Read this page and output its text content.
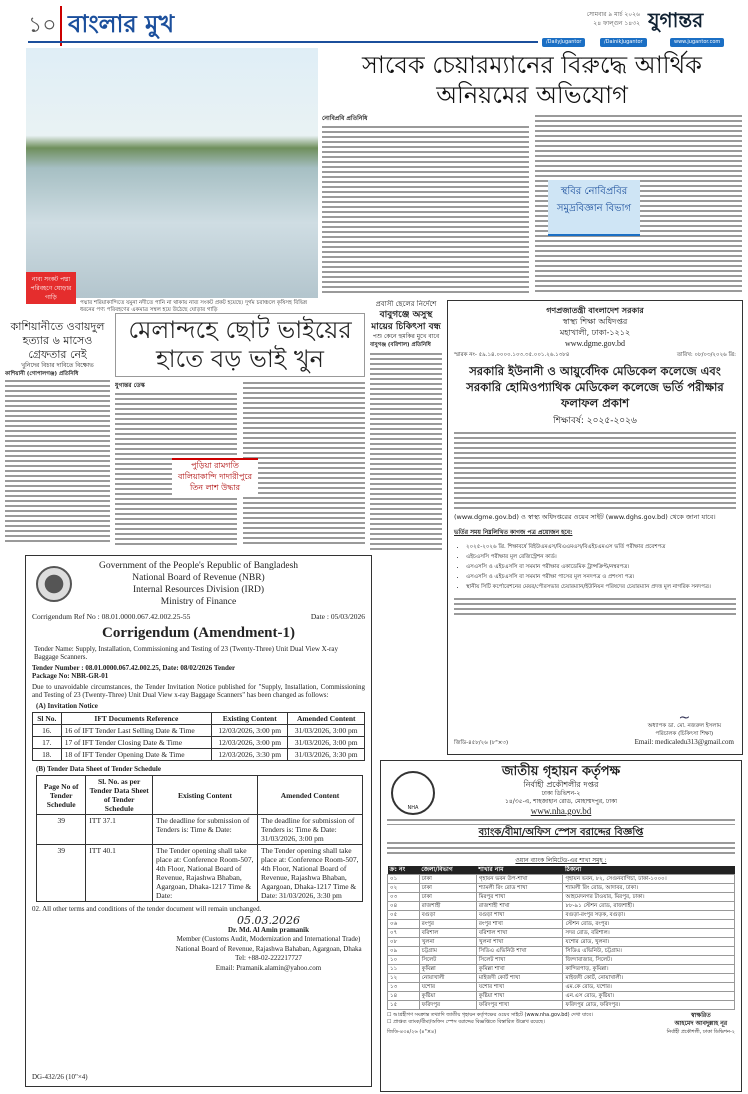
১০ বাংলার মুখ	সোমবার ৯ মার্চ ২০২৬
২৪ ফাল্গুন ১৪৩২ যুগান্তর
/DailyJugantor	/DainikJugantor	www.jugantor.com
নাব্য সংকট পদ্মা পরিবহণে ঘোড়ার গাড়ি
পদ্মার শরিয়াকান্দিতে যমুনা নদীতে পানি না থাকায় নাব্য সংকট প্রকট হয়েছে। দুর্গম চরাঞ্চলে কৃষিসহ বিভিন্ন ধরনের পণ্য পরিবহণের একমাত্র সম্বল হয়ে উঠেছে ঘোড়ার গাড়ি
সাবেক চেয়ারম্যানের বিরুদ্ধে আর্থিক অনিয়মের অভিযোগ
নোবিপ্রবি প্রতিনিধি
স্থবির নোবিপ্রবির সমুদ্রবিজ্ঞান বিভাগ
কাশিয়ানীতে ওবায়দুল হত্যার ৬ মাসেও গ্রেফতার নেই
খুনিদের বিচার দাবিতে বিক্ষোভ
কাশিয়ানী (গোপালগঞ্জ) প্রতিনিধি
মেলান্দহে ছোট ভাইয়ের হাতে বড় ভাই খুন
যুগান্তর ডেস্ক
পুড়িয়া রামগতি বালিয়াকান্দি দাদারীপুরে তিন লাশ উদ্ধার
প্রবাসী ছেলের নির্দেশে
বাবুগঞ্জে অসুস্থ মায়ের চিকিৎসা বন্ধ
পশু কেনে হুমকির মুখে বাবে
বাবুগঞ্জ (বরিশাল) প্রতিনিধি
গণপ্রজাতন্ত্রী বাংলাদেশ সরকার
স্বাস্থ্য শিক্ষা অধিদপ্তর
মহাখালী, ঢাকা-১২১২
www.dgme.gov.bd
স্মারক নং- ৫৯.১৪.০০০০.১০৩.৩৫.০০১.২৬.১৩৮৪	তারিখ: ০৮/০৩/২০২৬ খ্রি:
সরকারি ইউনানী ও আয়ুর্বেদিক মেডিকেল কলেজে এবং সরকারি হোমিওপ্যাথিক মেডিকেল কলেজে ভর্তি পরীক্ষার ফলাফল প্রকাশ
শিক্ষাবর্ষ: ২০২৫-২০২৬
(www.dgme.gov.bd) ও স্বাস্থ্য অধিদপ্তরের ওয়েব সাইট (www.dghs.gov.bd) থেকে জানা যাবে।
ভর্তির সময় নিম্নলিখিত কাগজ পত্র প্রয়োজন হবে:
• ২০২৫-২০২৬ খ্রি. শিক্ষাবর্ষে বিইউএমএস/বিএএমএস/বিএইচএমএস ভর্তি পরীক্ষার প্রবেশপত্র
• এইচএসসি পরীক্ষার মূল রেজিস্ট্রেশন কার্ড।
• এসএসসি ও এইচএসসি বা সমমান পরীক্ষার একাডেমিক ট্রান্সক্রিপ্ট/নম্বরপত্র।
• এসএসসি ও এইচএসসি বা সমমান পরীক্ষা পাসের মূল সনদপত্র ও প্রশংসা পত্র।
• স্থানীয় সিটি কর্পোরেশনের মেয়র/পৌরসভার চেয়ারম্যান/ইউনিয়ন পরিষদের চেয়ারম্যান প্রদত্ত মূল নাগরিক সনদপত্র।
~
অধ্যাপক ডা. মো. নজরুল ইসলাম
পরিচালক (চিকিৎসা শিক্ষা)
Email: medicaledu313@gmail.com
জিডি-৪৫৮/২৬ (৮"×৩)
Government of the People's Republic of Bangladesh
National Board of Revenue (NBR)
Internal Resources Division (IRD)
Ministry of Finance
Corrigendum Ref No : 08.01.0000.067.42.002.25-55	Date : 05/03/2026
Corrigendum (Amendment-1)
Tender Name: Supply, Installation, Commissioning and Testing of 23 (Twenty-Three) Unit Dual View X-ray Baggage Scanners.
Tender Number : 08.01.0000.067.42.002.25, Date: 08/02/2026 Tender
Package No: NBR-GR-01
Due to unavoidable circumstances, the Tender Invitation Notice published for "Supply, Installation, Commissioning and Testing of 23 (Twenty-Three) Unit Dual View x-ray Baggage Scanners" has been changed as follows:
(A) Invitation Notice
Sl No.	IFT Documents Reference	Existing Content	Amended Content
16.	16 of IFT Tender Last Selling Date & Time	12/03/2026, 3:00 pm	31/03/2026, 3:00 pm
17.	17 of IFT Tender Closing Date & Time	12/03/2026, 3:00 pm	31/03/2026, 3:00 pm
18.	18 of IFT Tender Opening Date & Time	12/03/2026, 3:30 pm	31/03/2026, 3:30 pm
(B) Tender Data Sheet of Tender Schedule
Page No of Tender Schedule	Sl. No. as per Tender Data Sheet of Tender Schedule	Existing Content	Amended Content
39	ITT 37.1	The deadline for submission of Tenders is: Time & Date:	The deadline for submission of Tenders is: Time & Date: 31/03/2026, 3:00 pm
39	ITT 40.1	The Tender opening shall take place at: Conference Room-507, 4th Floor, National Board of Revenue, Rajashwa Bhaban, Agargoan, Dhaka-1217 Time & Date:	The Tender opening shall take place at: Conference Room-507, 4th Floor, National Board of Revenue, Rajashwa Bhaban, Agargoan, Dhaka-1217 Time & Date: 31/03/2026, 3:30 pm
02. All other terms and conditions of the tender document will remain unchanged.
05.03.2026
Dr. Md. Al Amin pramanik
Member (Customs Audit, Modernization and International Trade)
National Board of Revenue, Rajashwa Bahaban, Agargoan, Dhaka
Tel: +88-02-222217727
Email: Pramanik.alamin@yahoo.com
DG-432/26 (10"×4)
NHA
জাতীয় গৃহায়ন কর্তৃপক্ষ
নির্বাহী প্রকৌশলীর দপ্তর
ঢাকা ডিভিশন-২
১৪/৩৫-এ, শাহজাহান রোড, মোহাম্মদপুর, ঢাকা
www.nha.gov.bd
ব্যাংক/বীমা/অফিস স্পেস বরাদ্দের বিজ্ঞপ্তি
ওয়ান ব্যাংক লিমিটেড-এর শাখা সমূহ :
ক্র: নং	জেলা/বিভাগ	শাখার নাম	ঠিকানা
০১	ঢাকা	গৃহায়ন ভবন উপ-শাখা	গৃহায়ন ভবন, ৮২, সেগুনবাগিচা, ঢাকা-১০০০।
০২	ঢাকা	শ্যামলী রিং রোড শাখা	শ্যামলী রিং রোড, আদাবর, ঢাকা।
০৩	ঢাকা	মিরপুর শাখা	আহমেদনগর টাওয়ার, মিরপুর, ঢাকা।
০৪	রাজশাহী	রাজশাহী শাখা	৮৮-৯১ স্টেশন রোড, রাজশাহী।
০৫	বগুড়া	বগুড়া শাখা	বগুড়া-রংপুর সড়ক, বগুড়া।
০৬	রংপুর	রংপুর শাখা	স্টেশন রোড, রংপুর।
০৭	বরিশাল	বরিশাল শাখা	সদর রোড, বরিশাল।
০৮	খুলনা	খুলনা শাখা	যশোর রোড, খুলনা।
০৯	চট্টগ্রাম	সিডিএ এভিনিউ শাখা	সিডিএ এভিনিউ, চট্টগ্রাম।
১০	সিলেট	সিলেট শাখা	জিন্দাবাজার, সিলেট।
১১	কুমিল্লা	কুমিল্লা শাখা	কান্দিরপাড়, কুমিল্লা।
১২	নোয়াখালী	মাইজদী কোর্ট শাখা	মাইজদী কোর্ট, নোয়াখালী।
১৩	যশোর	যশোর শাখা	এম.কে রোড, যশোর।
১৪	কুষ্টিয়া	কুষ্টিয়া শাখা	এন.এস রোড, কুষ্টিয়া।
১৫	ফরিদপুর	ফরিদপুর শাখা	ফরিদপুর রোড, ফরিদপুর।
☐ আগ্রহীগণ সংক্রান্ত তথ্যাদি জাতীয় গৃহায়ন কর্তৃপক্ষের ওয়েব সাইটে (www.nha.gov.bd) দেখা যাবে।
☐ প্রাপ্তব্য ব্যাংক/বীমা/অফিস স্পেস বরাদ্দের বিজ্ঞপ্তিতে বিস্তারিত উল্লেখ রয়েছে।
জিডি-৪৩৪/২৬ (৪"×৪)
স্বাক্ষরিত
আহমেদ আবদুল্লাহ নূর
নির্বাহী প্রকৌশলী, ঢাকা ডিভিশন-২
